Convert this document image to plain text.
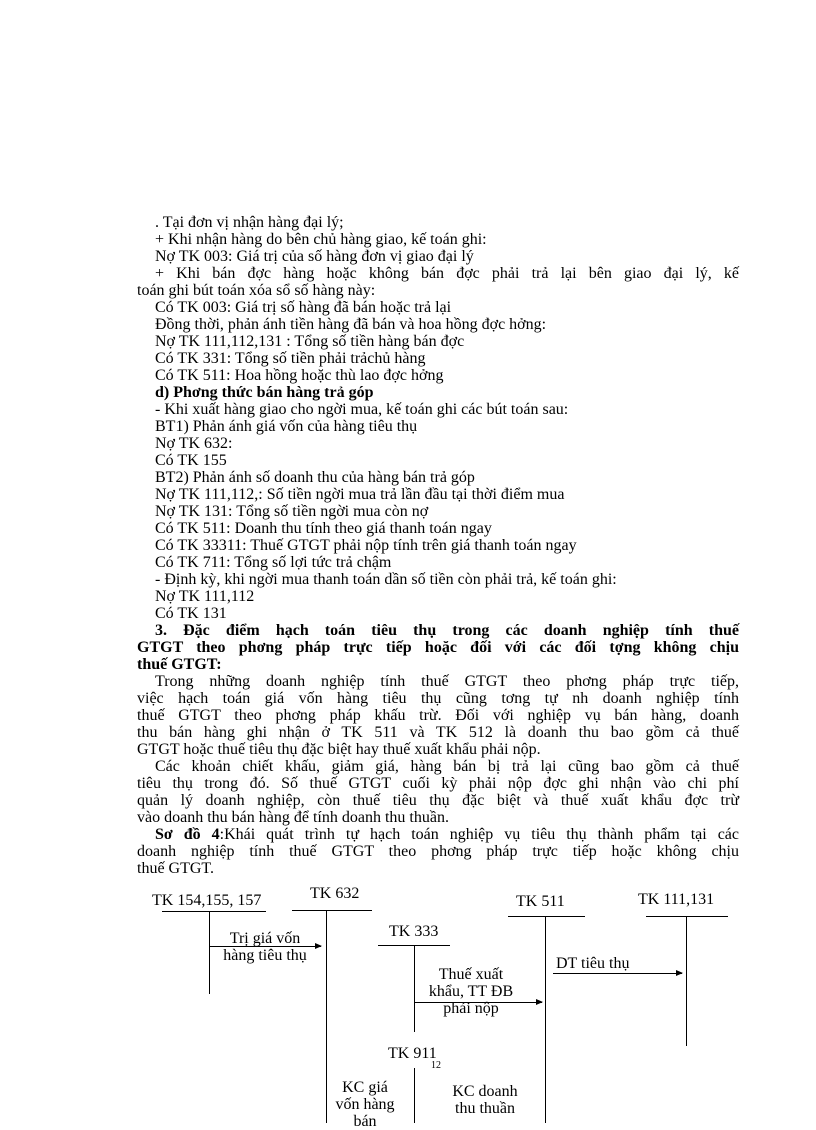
. Tại đơn vị nhận hàng đại lý;
+ Khi nhận hàng do bên chủ hàng giao, kế toán ghi:
Nợ TK 003: Giá trị của số hàng đơn vị giao đại lý
+ Khi bán đợc hàng hoặc không bán đợc phải trả lại bên giao đại lý, kế
toán ghi bút toán xóa sổ số hàng này:
Có TK 003: Giá trị số hàng đã bán hoặc trả lại
Đồng thời, phản ánh tiền hàng đã bán và hoa hồng đợc hởng:
Nợ TK 111,112,131 : Tổng số tiền hàng bán đợc
Có TK 331: Tổng số tiền phải trảchủ hàng
Có TK 511: Hoa hồng hoặc thù lao đợc hởng
d) Phơng thức bán hàng trả góp
- Khi xuất hàng giao cho ngời mua, kế toán ghi các bút toán sau:
BT1) Phản ánh giá vốn của hàng tiêu thụ
Nợ TK 632:
Có TK 155
BT2) Phản ánh số doanh thu của hàng bán trả góp
Nợ TK 111,112,: Số tiền ngời mua trả lần đầu tại thời điểm mua
Nợ TK 131: Tổng số tiền ngời mua còn nợ
Có TK 511: Doanh thu tính theo giá thanh toán ngay
Có TK 33311: Thuế GTGT phải nộp tính trên giá thanh toán ngay
Có TK 711: Tổng số lợi tức trả chậm
- Định kỳ, khi ngời mua thanh toán dần số tiền còn phải trả, kế toán ghi:
Nợ TK 111,112
Có TK 131
3. Đặc điểm hạch toán tiêu thụ trong các doanh nghiệp tính thuế
GTGT theo phơng pháp trực tiếp hoặc đối với các đối tợng không chịu
thuế GTGT:
Trong những doanh nghiệp tính thuế GTGT theo phơng pháp trực tiếp,
việc hạch toán giá vốn hàng tiêu thụ cũng tơng tự nh doanh nghiệp tính
thuế GTGT theo phơng pháp khấu trừ. Đối với nghiệp vụ bán hàng, doanh
thu bán hàng ghi nhận ở TK 511 và TK 512 là doanh thu bao gồm cả thuế
GTGT hoặc thuế tiêu thụ đặc biệt hay thuế xuất khẩu phải nộp.
Các khoản chiết khấu, giảm giá, hàng bán bị trả lại cũng bao gồm cả thuế
tiêu thụ trong đó. Số thuế GTGT cuối kỳ phải nộp đợc ghi nhận vào chi phí
quản lý doanh nghiệp, còn thuế tiêu thụ đặc biệt và thuế xuất khẩu đợc trừ
vào doanh thu bán hàng để tính doanh thu thuần.
Sơ đồ 4:Khái quát trình tự hạch toán nghiệp vụ tiêu thụ thành phẩm tại các
doanh nghiệp tính thuế GTGT theo phơng pháp trực tiếp hoặc không chịu
thuế GTGT.
TK 154,155, 157	TK 632	TK 511	TK 111,131
TK 333
TK 911
Trị giá vốn
hàng tiêu thụ
Thuế xuất
khẩu, TT ĐB
phải nộp
DT tiêu thụ
12
KC giá
vốn hàng
bán
KC doanh
thu thuần
